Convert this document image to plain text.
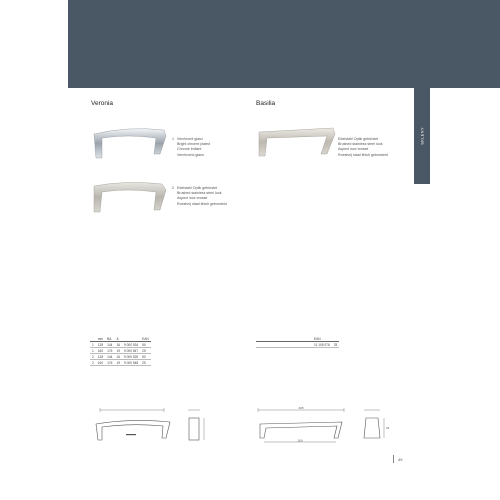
SKLENY
Veronia
1 Verchromt glanz
Bright chrome plated
Chromé brillant
Verchromd glans
2 Edelstahl Optik gebürstet
Brushed stainless steel look
Aspect inox brossé
Roestvrij staal finish geborsteld
	mm	BA	A		EAN
1	128	144	16	9 000 534	50
1	160	176	19	9 000 547	25
2	128	144	16	9 000 525	50
2	160	176	19	9 000 548	25
Basilia
Edelstahl Optik gebürstet
Brushed stainless steel look
Aspect inox brossé
Roestvrij staal finish geborsteld
	EAN	
	11 105 076	25
205
160
34
49
